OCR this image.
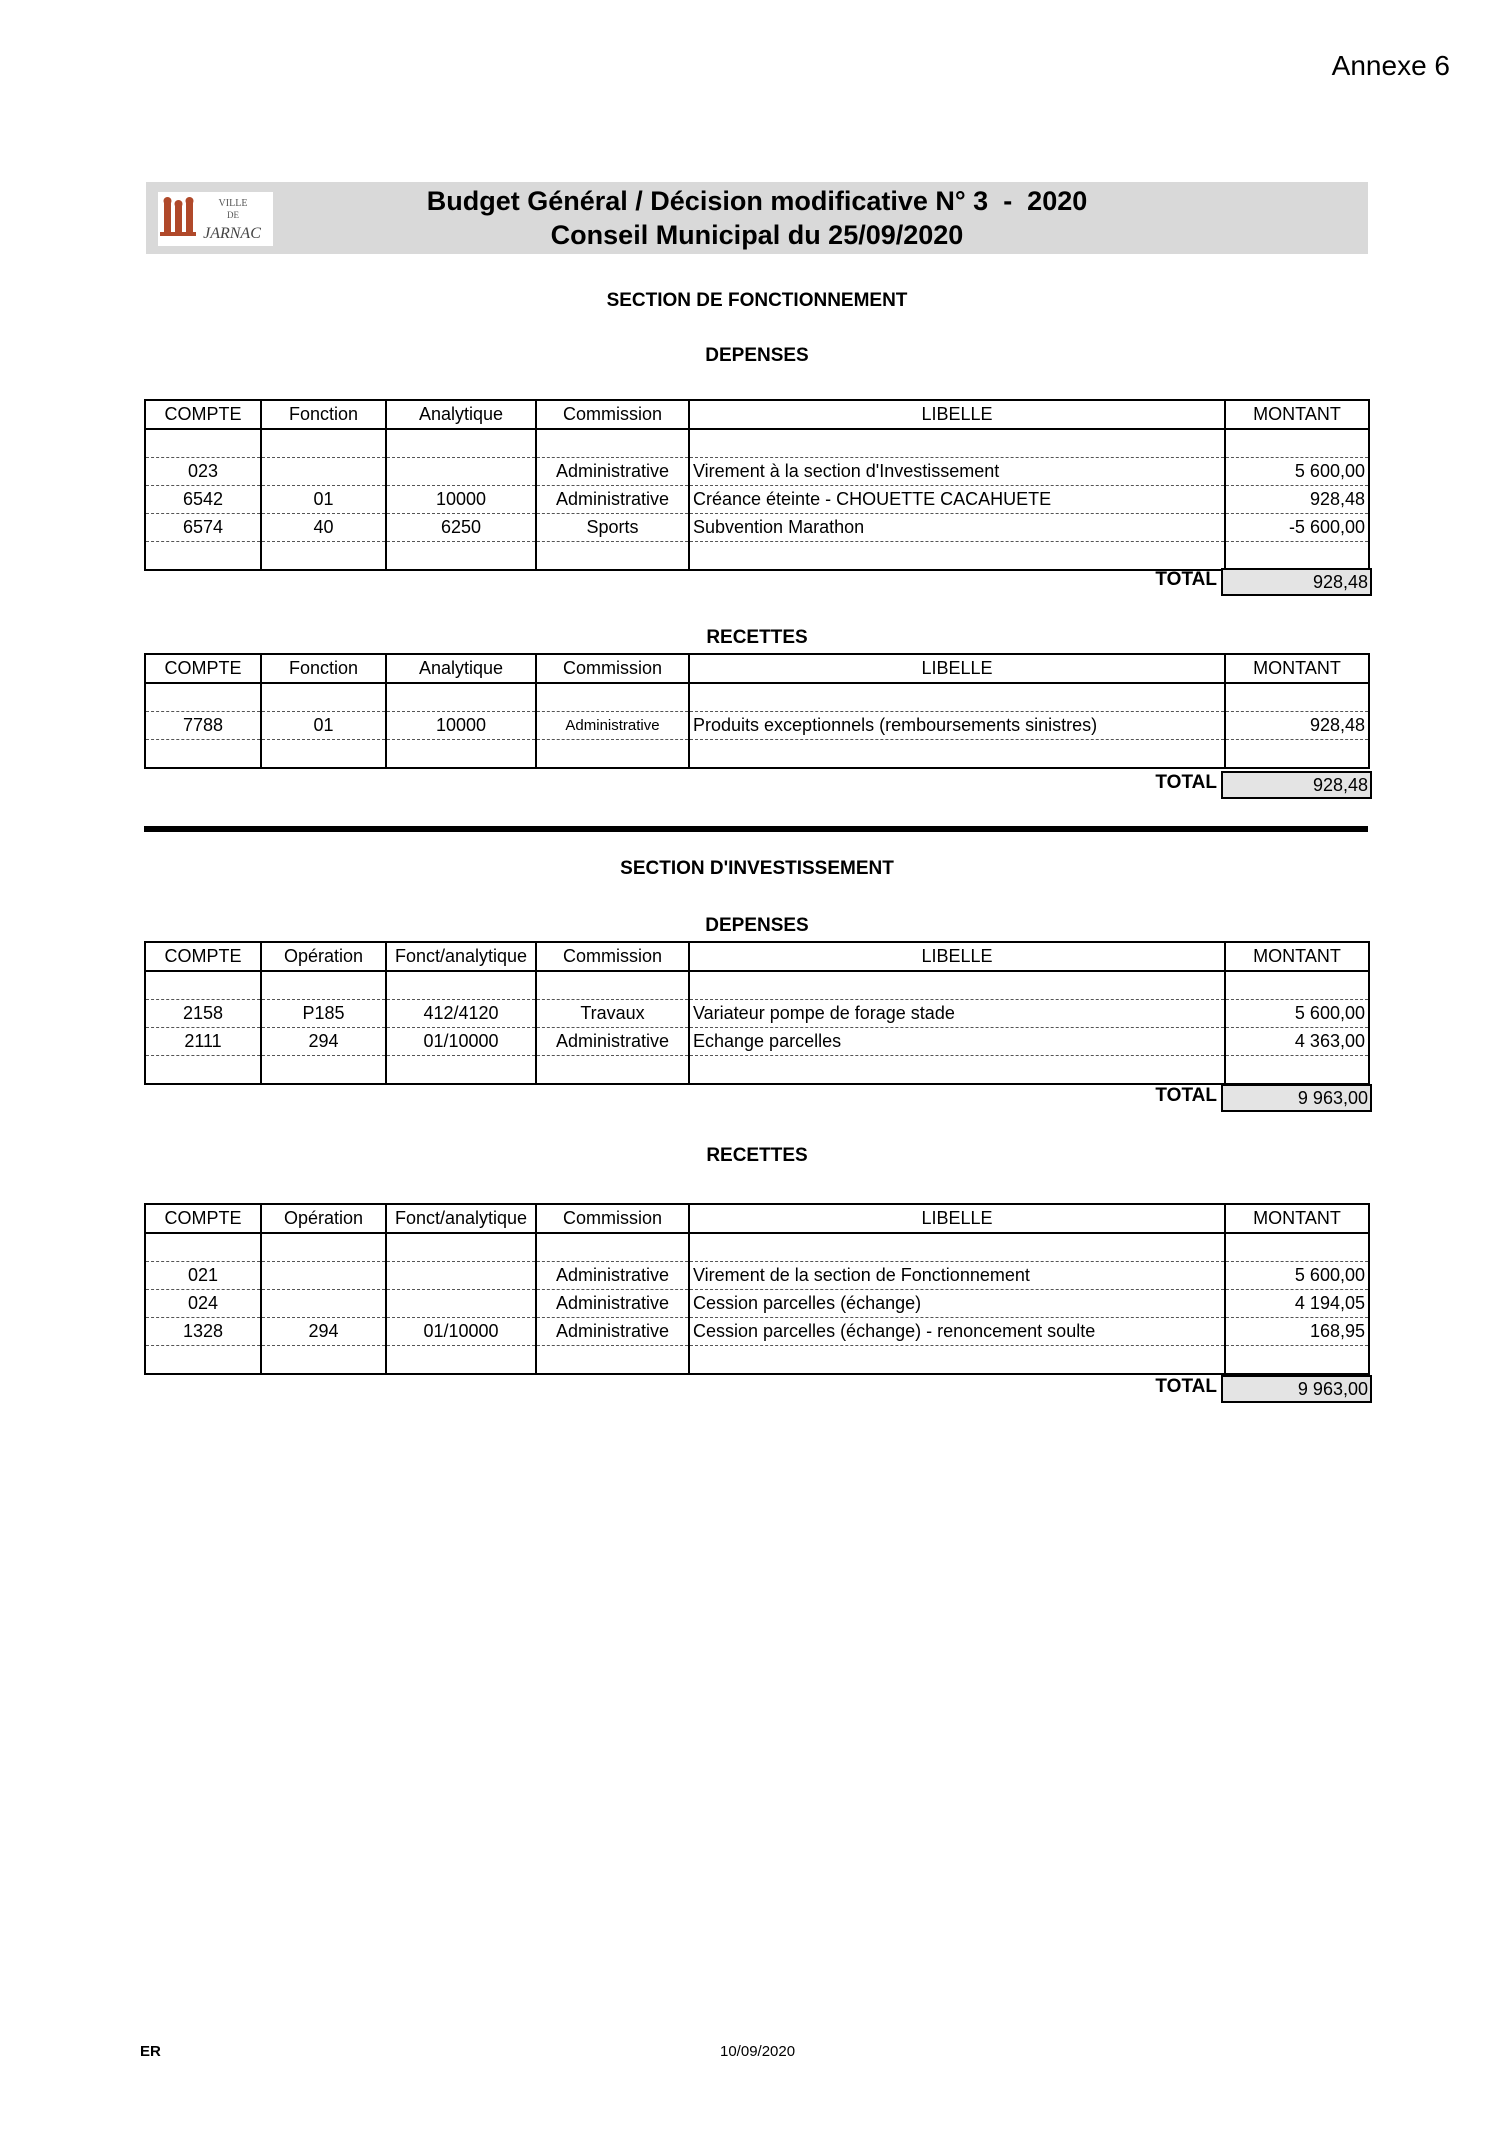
Annexe 6
VILLE
DE
JARNAC
Budget Général / Décision modificative N° 3  -  2020
Conseil Municipal du 25/09/2020
SECTION DE FONCTIONNEMENT
DEPENSES
COMPTE	Fonction	Analytique	Commission	LIBELLE	MONTANT

023			Administrative	Virement à la section d'Investissement	5 600,00
6542	01	10000	Administrative	Créance éteinte - CHOUETTE CACAHUETE	928,48
6574	40	6250	Sports	Subvention Marathon	-5 600,00

TOTAL	928,48
RECETTES
COMPTE	Fonction	Analytique	Commission	LIBELLE	MONTANT

7788	01	10000	Administrative	Produits exceptionnels (remboursements sinistres)	928,48

TOTAL	928,48
SECTION D'INVESTISSEMENT
DEPENSES
COMPTE	Opération	Fonct/analytique	Commission	LIBELLE	MONTANT

2158	P185	412/4120	Travaux	Variateur pompe de forage stade	5 600,00
2111	294	01/10000	Administrative	Echange parcelles	4 363,00

TOTAL	9 963,00
RECETTES
COMPTE	Opération	Fonct/analytique	Commission	LIBELLE	MONTANT

021			Administrative	Virement de la section de Fonctionnement	5 600,00
024			Administrative	Cession parcelles (échange)	4 194,05
1328	294	01/10000	Administrative	Cession parcelles (échange) - renoncement soulte	168,95

TOTAL	9 963,00
ER	10/09/2020
